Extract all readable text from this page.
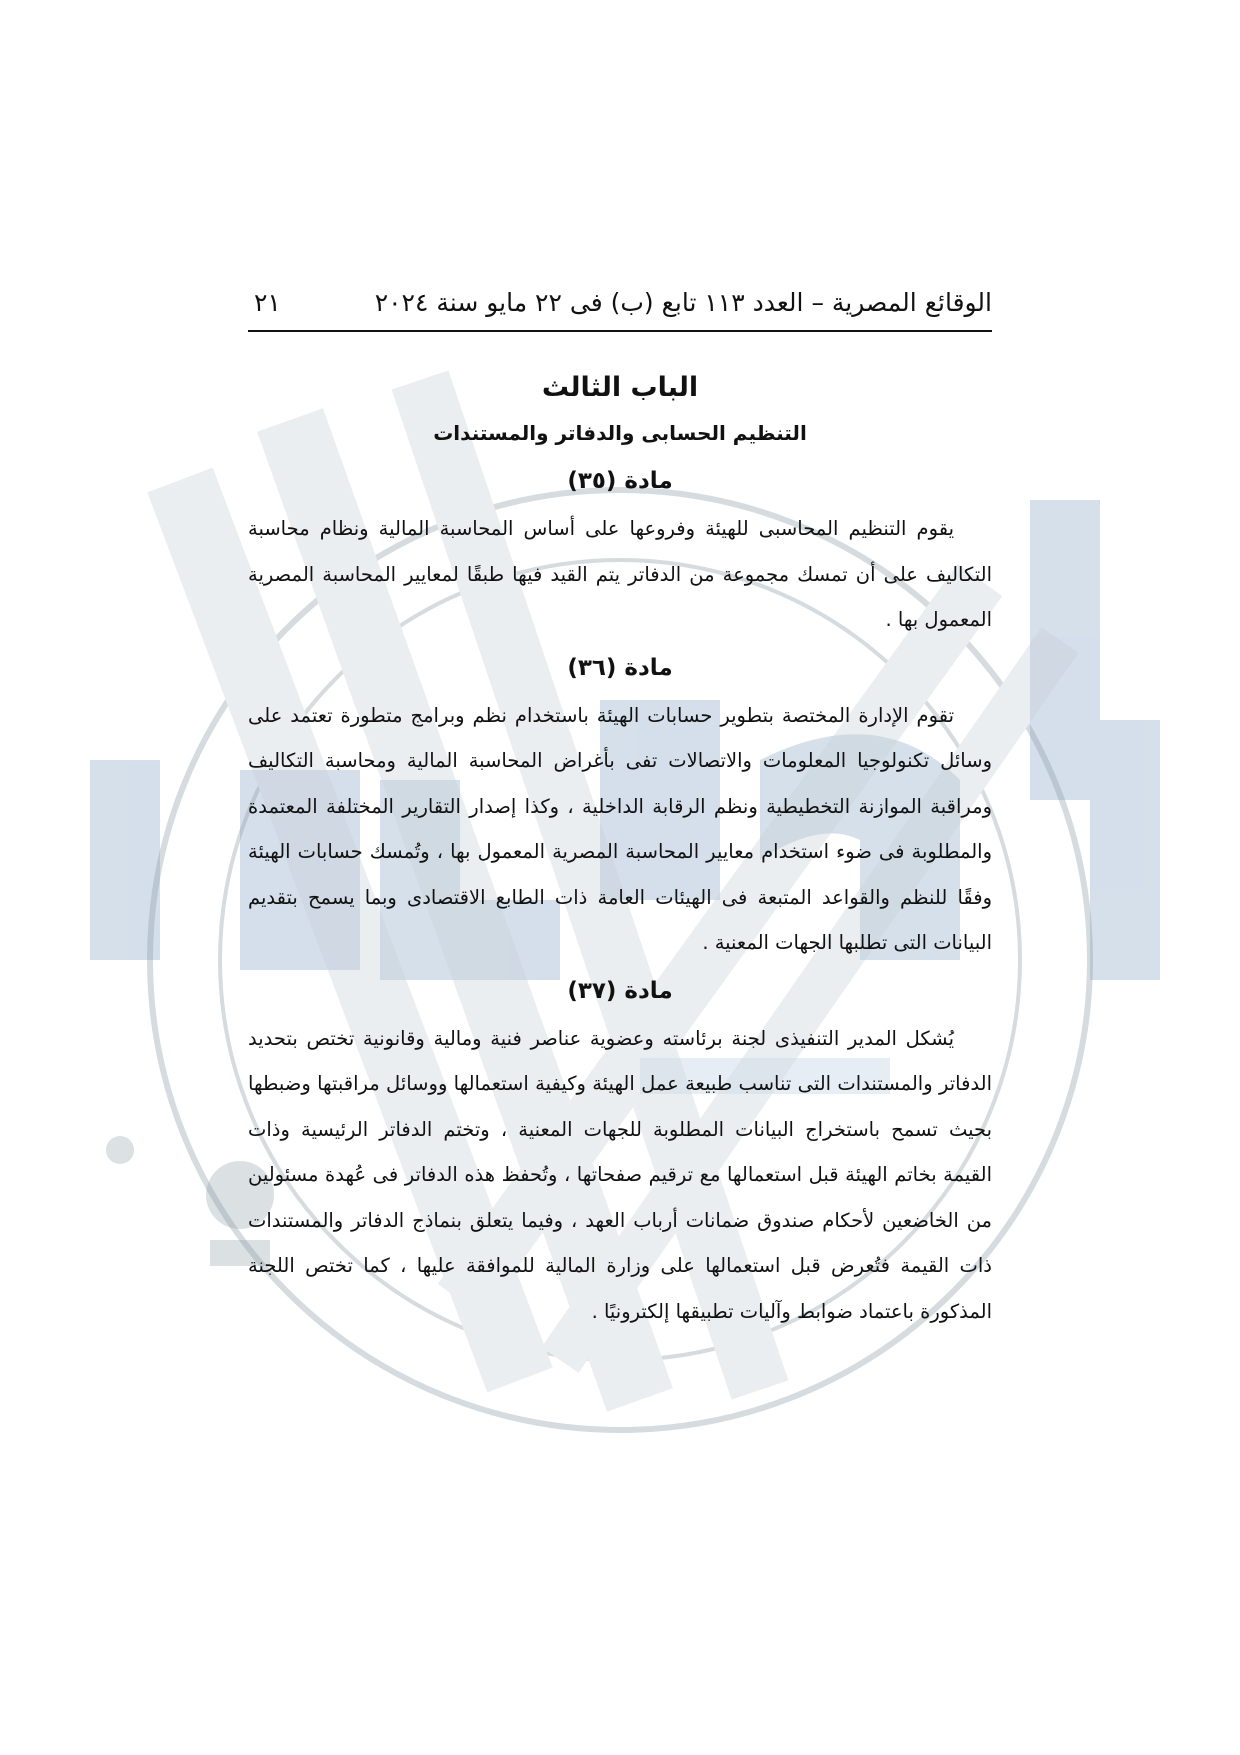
الوقائع المصرية – العدد ١١٣ تابع (ب) فى ٢٢ مايو سنة ٢٠٢٤
٢١
الباب الثالث
التنظيم الحسابى والدفاتر والمستندات
مادة (٣٥)

يقوم التنظيم المحاسبى للهيئة وفروعها على أساس المحاسبة المالية ونظام محاسبة التكاليف على أن تمسك مجموعة من الدفاتر يتم القيد فيها طبقًا لمعايير المحاسبة المصرية المعمول بها .

مادة (٣٦)

تقوم الإدارة المختصة بتطوير حسابات الهيئة باستخدام نظم وبرامج متطورة تعتمد على وسائل تكنولوجيا المعلومات والاتصالات تفى بأغراض المحاسبة المالية ومحاسبة التكاليف ومراقبة الموازنة التخطيطية ونظم الرقابة الداخلية ، وكذا إصدار التقارير المختلفة المعتمدة والمطلوبة فى ضوء استخدام معايير المحاسبة المصرية المعمول بها ، وتُمسك حسابات الهيئة وفقًا للنظم والقواعد المتبعة فى الهيئات العامة ذات الطابع الاقتصادى وبما يسمح بتقديم البيانات التى تطلبها الجهات المعنية .

مادة (٣٧)

يُشكل المدير التنفيذى لجنة برئاسته وعضوية عناصر فنية ومالية وقانونية تختص بتحديد الدفاتر والمستندات التى تناسب طبيعة عمل الهيئة وكيفية استعمالها ووسائل مراقبتها وضبطها بحيث تسمح باستخراج البيانات المطلوبة للجهات المعنية ، وتختم الدفاتر الرئيسية وذات القيمة بخاتم الهيئة قبل استعمالها مع ترقيم صفحاتها ، وتُحفظ هذه الدفاتر فى عُهدة مسئولين من الخاضعين لأحكام صندوق ضمانات أرباب العهد ، وفيما يتعلق بنماذج الدفاتر والمستندات ذات القيمة فتُعرض قبل استعمالها على وزارة المالية للموافقة عليها ، كما تختص اللجنة المذكورة باعتماد ضوابط وآليات تطبيقها إلكترونيًا .
